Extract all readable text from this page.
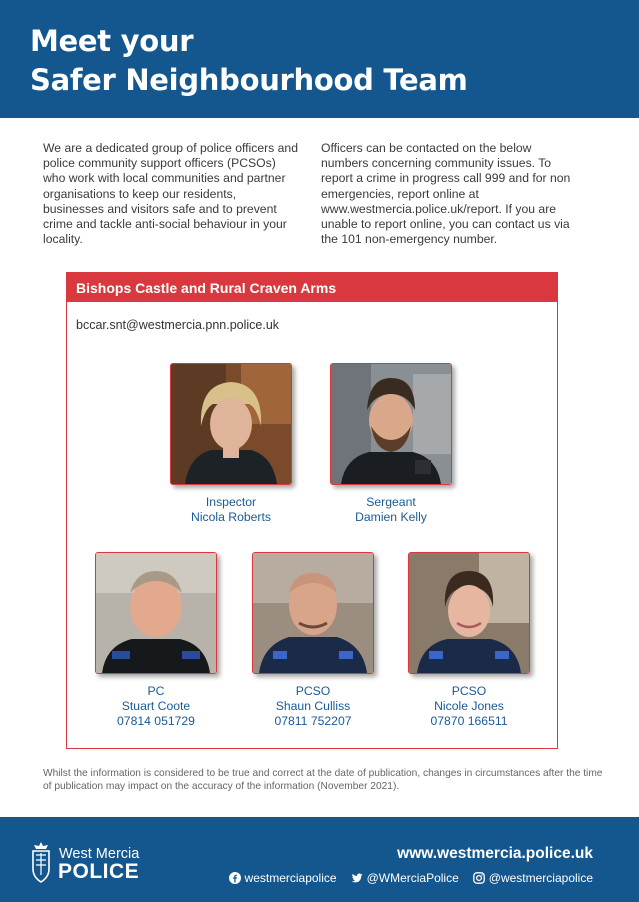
Meet your
Safer Neighbourhood Team

We are a dedicated group of police officers and police community support officers (PCSOs) who work with local communities and partner organisations to keep our residents, businesses and visitors safe and to prevent crime and tackle anti-social behaviour in your locality.

Officers can be contacted on the below numbers concerning community issues. To report a crime in progress call 999 and for non emergencies, report online at www.westmercia.police.uk/report. If you are unable to report online, you can contact us via the 101 non-emergency number.

Bishops Castle and Rural Craven Arms
bccar.snt@westmercia.pnn.police.uk
Inspector
Nicola Roberts
Sergeant
Damien Kelly
PC
Stuart Coote
07814 051729
PCSO
Shaun Culliss
07811 752207
PCSO
Nicole Jones
07870 166511

Whilst the information is considered to be true and correct at the date of publication, changes in circumstances after the time of publication may impact on the accuracy of the information (November 2021).

West Mercia
POLICE
www.westmercia.police.uk
westmerciapolice	@WMerciaPolice	@westmerciapolice
